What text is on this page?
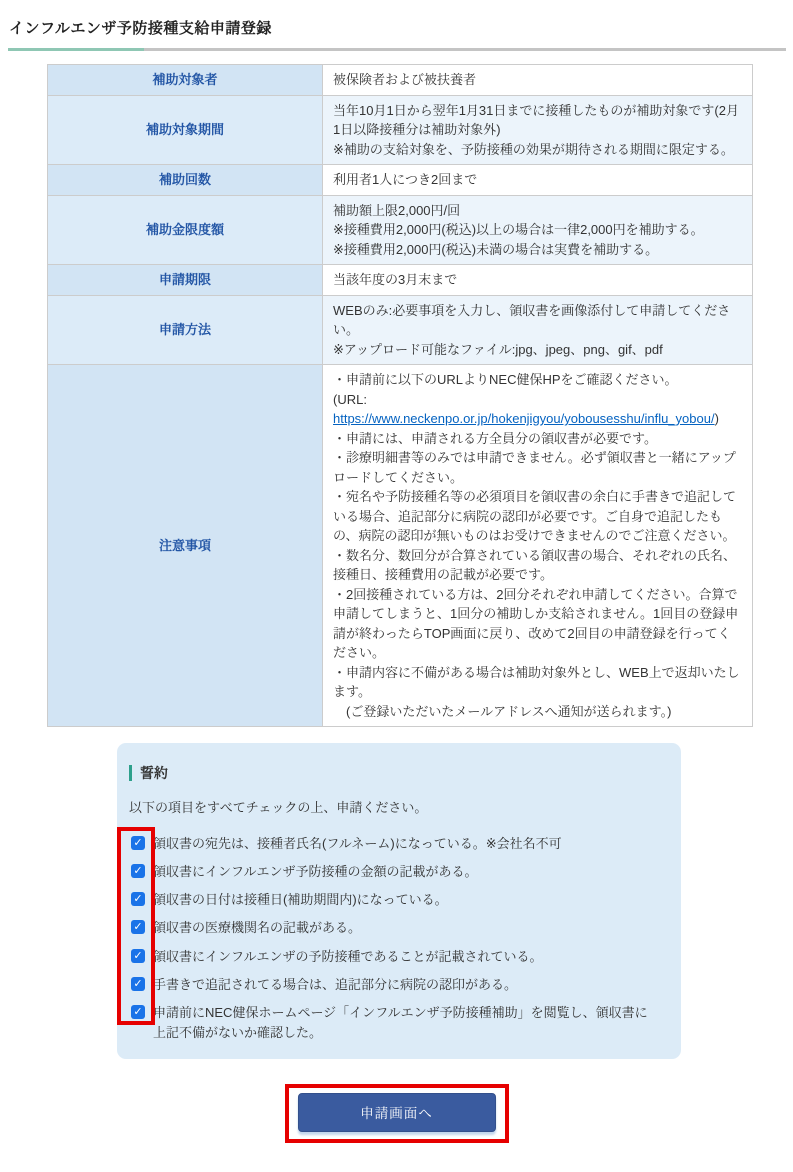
インフルエンザ予防接種支給申請登録
補助対象者	被保険者および被扶養者

補助対象期間	当年10月1日から翌年1月31日までに接種したものが補助対象です(2月1日以降接種分は補助対象外)
※補助の支給対象を、予防接種の効果が期待される期間に限定する。

補助回数	利用者1人につき2回まで

補助金限度額	補助額上限2,000円/回
※接種費用2,000円(税込)以上の場合は一律2,000円を補助する。
※接種費用2,000円(税込)未満の場合は実費を補助する。

申請期限	当該年度の3月末まで

申請方法	WEBのみ:必要事項を入力し、領収書を画像添付して申請してください。
※アップロード可能なファイル:jpg、jpeg、png、gif、pdf

注意事項	
・申請前に以下のURLよりNEC健保HPをご確認ください。
(URL:
https://www.neckenpo.or.jp/hokenjigyou/yobousesshu/influ_yobou/)
・申請には、申請される方全員分の領収書が必要です。
・診療明細書等のみでは申請できません。必ず領収書と一緒にアップロードしてください。
・宛名や予防接種名等の必須項目を領収書の余白に手書きで追記している場合、追記部分に病院の認印が必要です。ご自身で追記したもの、病院の認印が無いものはお受けできませんのでご注意ください。
・数名分、数回分が合算されている領収書の場合、それぞれの氏名、接種日、接種費用の記載が必要です。
・2回接種されている方は、2回分それぞれ申請してください。合算で申請してしまうと、1回分の補助しか支給されません。1回目の登録申請が終わったらTOP画面に戻り、改めて2回目の申請登録を行ってください。
・申請内容に不備がある場合は補助対象外とし、WEB上で返却いたします。
　(ご登録いただいたメールアドレスへ通知が送られます。)
誓約

以下の項目をすべてチェックの上、申請ください。

✓ 領収書の宛先は、接種者氏名(フルネーム)になっている。※会社名不可
✓ 領収書にインフルエンザ予防接種の金額の記載がある。
✓ 領収書の日付は接種日(補助期間内)になっている。
✓ 領収書の医療機関名の記載がある。
✓ 領収書にインフルエンザの予防接種であることが記載されている。
✓ 手書きで追記されてる場合は、追記部分に病院の認印がある。
✓ 申請前にNEC健保ホームページ「インフルエンザ予防接種補助」を閲覧し、領収書に上記不備がないか確認した。
申請画面へ
